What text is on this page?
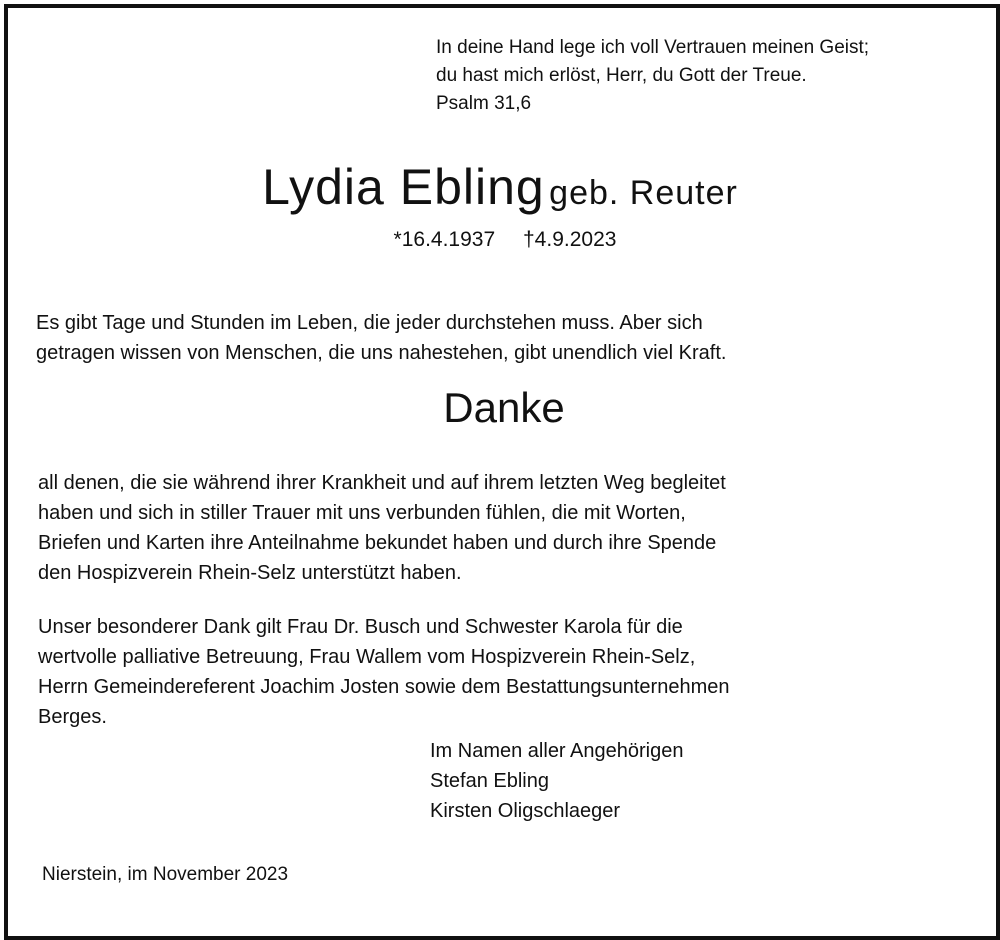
In deine Hand lege ich voll Vertrauen meinen Geist;
du hast mich erlöst, Herr, du Gott der Treue.
Psalm 31,6
Lydia Ebling geb. Reuter
*16.4.1937 †4.9.2023
Es gibt Tage und Stunden im Leben, die jeder durchstehen muss. Aber sich
getragen wissen von Menschen, die uns nahestehen, gibt unendlich viel Kraft.
Danke
all denen, die sie während ihrer Krankheit und auf ihrem letzten Weg begleitet
haben und sich in stiller Trauer mit uns verbunden fühlen, die mit Worten,
Briefen und Karten ihre Anteilnahme bekundet haben und durch ihre Spende
den Hospizverein Rhein-Selz unterstützt haben.
Unser besonderer Dank gilt Frau Dr. Busch und Schwester Karola für die
wertvolle palliative Betreuung, Frau Wallem vom Hospizverein Rhein-Selz,
Herrn Gemeindereferent Joachim Josten sowie dem Bestattungsunternehmen
Berges.
Im Namen aller Angehörigen
Stefan Ebling
Kirsten Oligschlaeger
Nierstein, im November 2023
